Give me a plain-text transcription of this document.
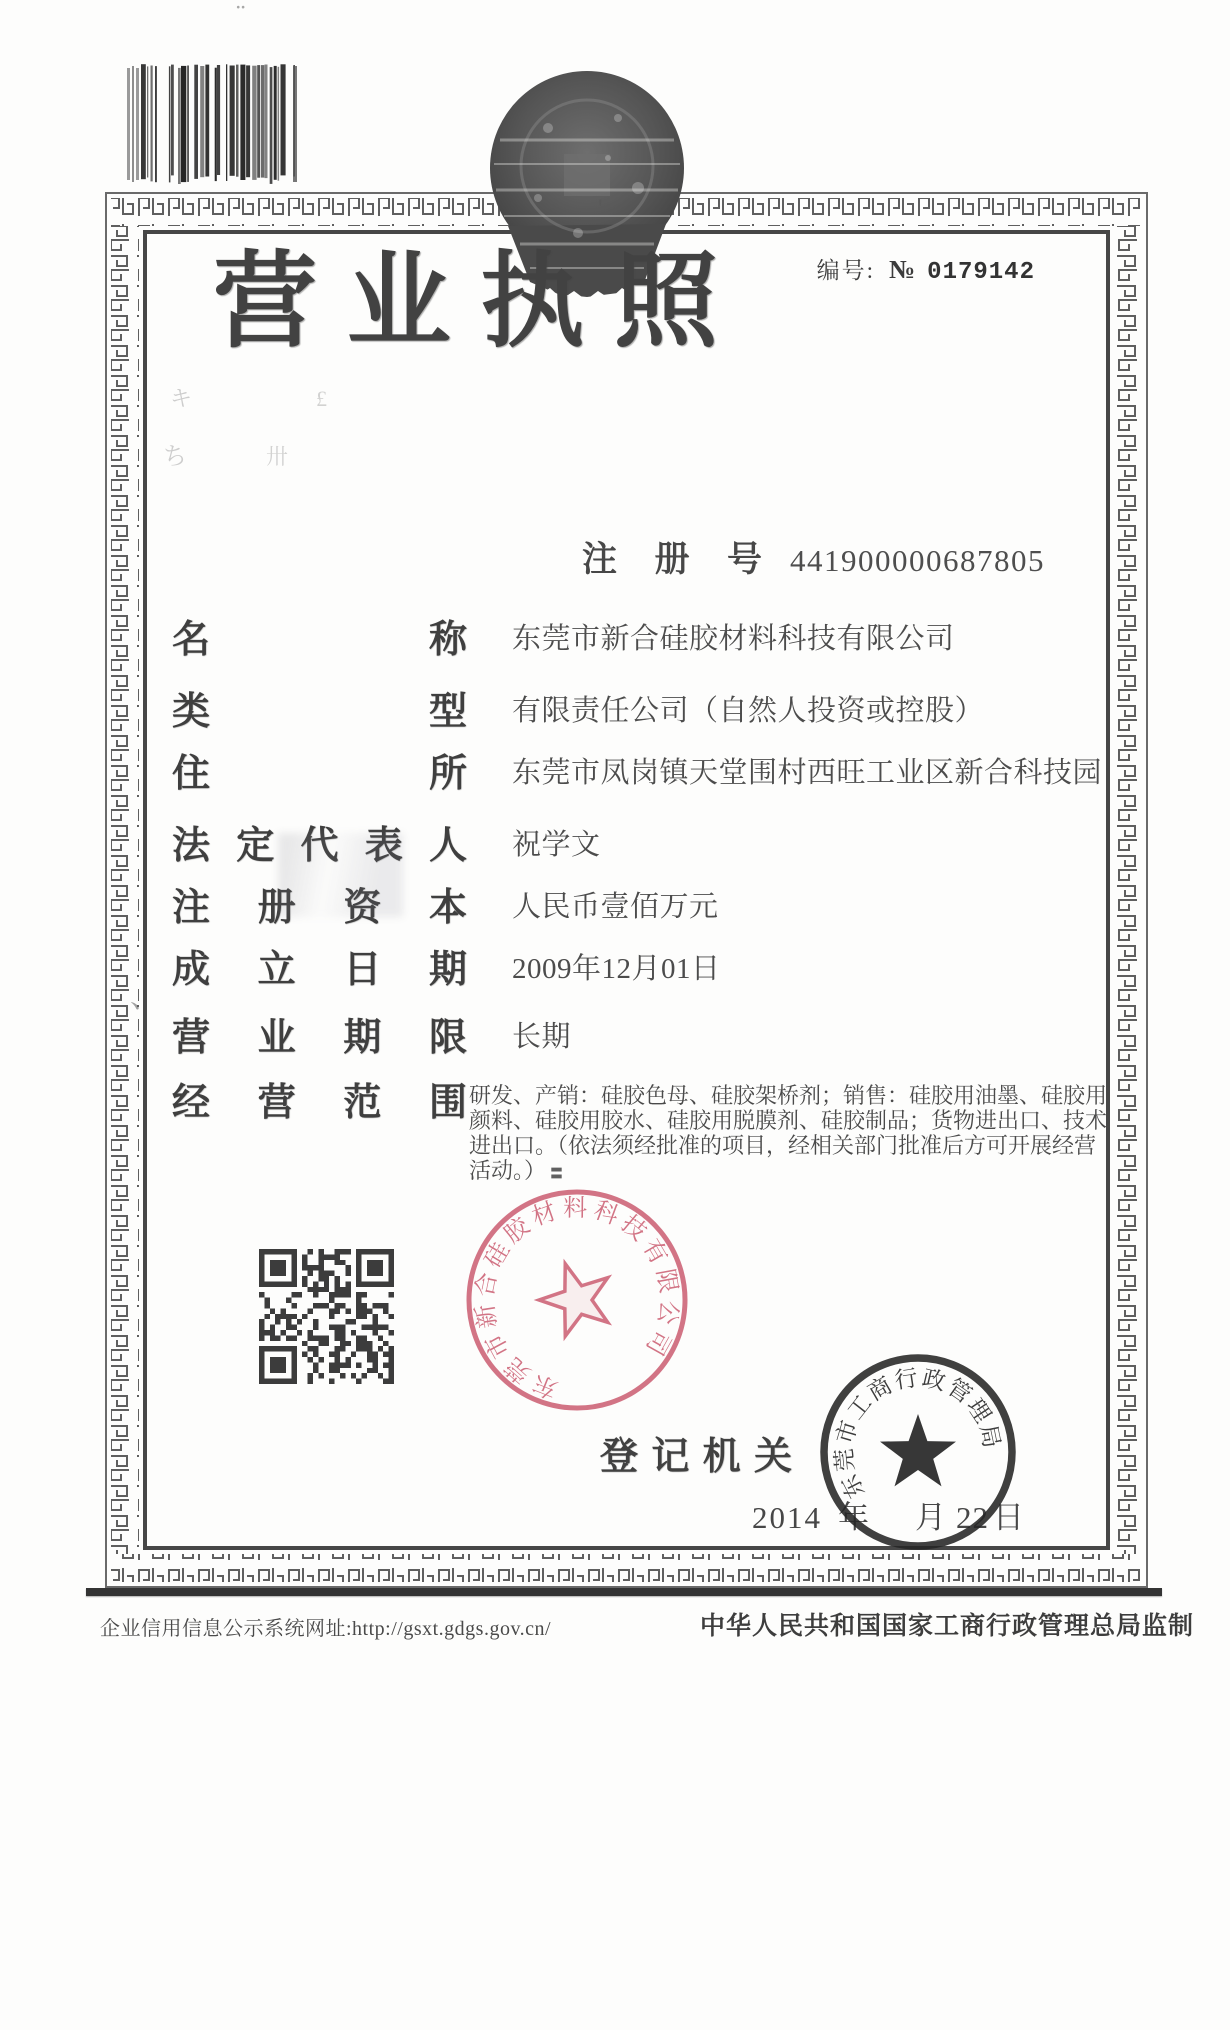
编号: № 0179142
营 业 执 照
注 册 号 441900000687805
名	称 东莞市新合硅胶材料科技有限公司
类	型 有限责任公司（自然人投资或控股）
住	所 东莞市凤岗镇天堂围村西旺工业区新合科技园
法 定 代 表 人 祝学文
注 册 资 本 人民币壹佰万元
成 立 日 期 2009年12月01日
营 业 期 限 长期
经 营 范 围 研发、产销：硅胶色母、硅胶架桥剂；销售：硅胶用油墨、硅胶用
颜料、硅胶用胶水、硅胶用脱膜剂、硅胶制品；货物进出口、技术
进出口。（依法须经批准的项目，经相关部门批准后方可开展经营
活动。） 〓
东莞市新合硅胶材料科技有限公司
登 记 机 关
2014 年 月 22 日
东莞市工商行政管理局
企业信用信息公示系统网址:http://gsxt.gdgs.gov.cn/	中华人民共和国国家工商行政管理总局监制
¨
'
キ	£
ち	卅
、
